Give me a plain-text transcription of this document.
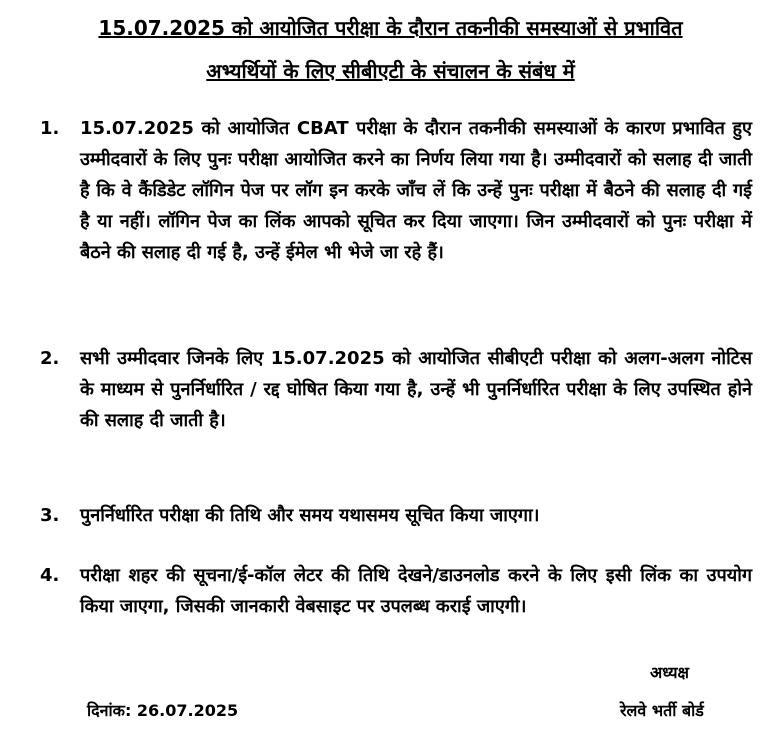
15.07.2025 को आयोजित परीक्षा के दौरान तकनीकी समस्याओं से प्रभावित
अभ्यर्थियों के लिए सीबीएटी के संचालन के संबंध में
1.	15.07.2025 को आयोजित CBAT परीक्षा के दौरान तकनीकी समस्याओं के कारण प्रभावित हुए उम्मीदवारों के लिए पुनः परीक्षा आयोजित करने का निर्णय लिया गया है। उम्मीदवारों को सलाह दी जाती है कि वे कैंडिडेट लॉगिन पेज पर लॉग इन करके जाँच लें कि उन्हें पुनः परीक्षा में बैठने की सलाह दी गई है या नहीं। लॉगिन पेज का लिंक आपको सूचित कर दिया जाएगा। जिन उम्मीदवारों को पुनः परीक्षा में बैठने की सलाह दी गई है, उन्हें ईमेल भी भेजे जा रहे हैं।
2.	सभी उम्मीदवार जिनके लिए 15.07.2025 को आयोजित सीबीएटी परीक्षा को अलग-अलग नोटिस के माध्यम से पुनर्निर्धारित / रद्द घोषित किया गया है, उन्हें भी पुनर्निर्धारित परीक्षा के लिए उपस्थित होने की सलाह दी जाती है।
3.	पुनर्निर्धारित परीक्षा की तिथि और समय यथासमय सूचित किया जाएगा।
4.	परीक्षा शहर की सूचना/ई-कॉल लेटर की तिथि देखने/डाउनलोड करने के लिए इसी लिंक का उपयोग किया जाएगा, जिसकी जानकारी वेबसाइट पर उपलब्ध कराई जाएगी।
अध्यक्ष
दिनांक: 26.07.2025	रेलवे भर्ती बोर्ड
